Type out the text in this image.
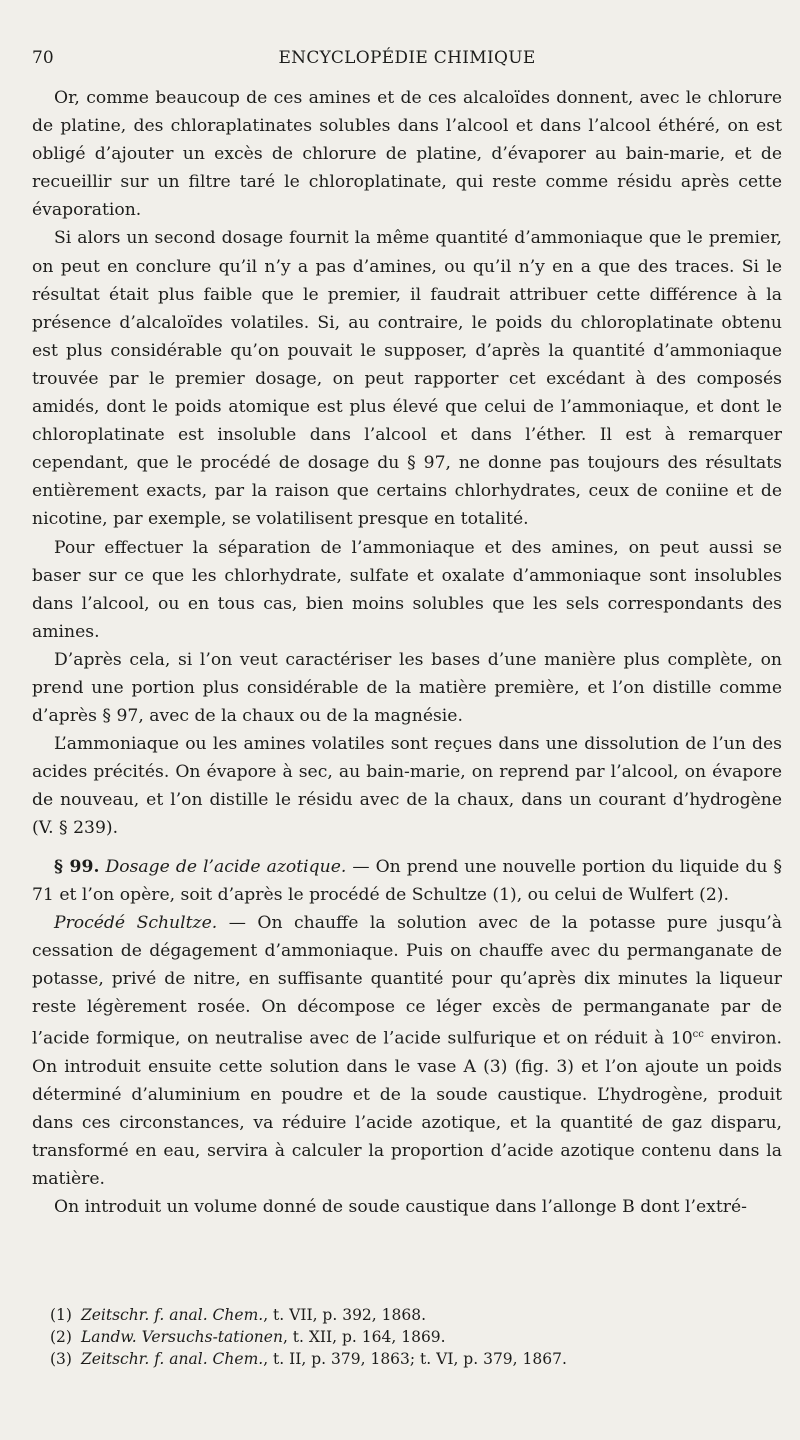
70	ENCYCLOPÉDIE CHIMIQUE

Or, comme beaucoup de ces amines et de ces alcaloïdes donnent, avec le chlorure de platine, des chloraplatinates solubles dans l’alcool et dans l’alcool éthéré, on est obligé d’ajouter un excès de chlorure de platine, d’évaporer au bain-marie, et de recueillir sur un filtre taré le chloroplatinate, qui reste comme résidu après cette évaporation.

Si alors un second dosage fournit la même quantité d’ammoniaque que le premier, on peut en conclure qu’il n’y a pas d’amines, ou qu’il n’y en a que des traces. Si le résultat était plus faible que le premier, il faudrait attribuer cette différence à la présence d’alcaloïdes volatiles. Si, au contraire, le poids du chloroplatinate obtenu est plus considérable qu’on pouvait le supposer, d’après la quantité d’ammoniaque trouvée par le premier dosage, on peut rapporter cet excédant à des composés amidés, dont le poids atomique est plus élevé que celui de l’ammoniaque, et dont le chloroplatinate est insoluble dans l’alcool et dans l’éther. Il est à remarquer cependant, que le procédé de dosage du § 97, ne donne pas toujours des résultats entièrement exacts, par la raison que certains chlorhydrates, ceux de coniine et de nicotine, par exemple, se volatilisent presque en totalité.

Pour effectuer la séparation de l’ammoniaque et des amines, on peut aussi se baser sur ce que les chlorhydrate, sulfate et oxalate d’ammoniaque sont insolubles dans l’alcool, ou en tous cas, bien moins solubles que les sels correspondants des amines.

D’après cela, si l’on veut caractériser les bases d’une manière plus complète, on prend une portion plus considérable de la matière première, et l’on distille comme d’après § 97, avec de la chaux ou de la magnésie.

L’ammoniaque ou les amines volatiles sont reçues dans une dissolution de l’un des acides précités. On évapore à sec, au bain-marie, on reprend par l’alcool, on évapore de nouveau, et l’on distille le résidu avec de la chaux, dans un courant d’hydrogène (V. § 239).

§ 99. Dosage de l’acide azotique. — On prend une nouvelle portion du liquide du § 71 et l’on opère, soit d’après le procédé de Schultze (1), ou celui de Wulfert (2).

Procédé Schultze. — On chauffe la solution avec de la potasse pure jusqu’à cessation de dégagement d’ammoniaque. Puis on chauffe avec du permanganate de potasse, privé de nitre, en suffisante quantité pour qu’après dix minutes la liqueur reste légèrement rosée. On décompose ce léger excès de permanganate par de l’acide formique, on neutralise avec de l’acide sulfurique et on réduit à $10^{cc}$ environ. On introduit ensuite cette solution dans le vase A (3) (fig. 3) et l’on ajoute un poids déterminé d’aluminium en poudre et de la soude caustique. L’hydrogène, produit dans ces circonstances, va réduire l’acide azotique, et la quantité de gaz disparu, transformé en eau, servira à calculer la proportion d’acide azotique contenu dans la matière.

On introduit un volume donné de soude caustique dans l’allonge B dont l’extré-

(1) Zeitschr. f. anal. Chem., t. VII, p. 392, 1868.
(2) Landw. Versuchs-tationen, t. XII, p. 164, 1869.
(3) Zeitschr. f. anal. Chem., t. II, p. 379, 1863; t. VI, p. 379, 1867.
